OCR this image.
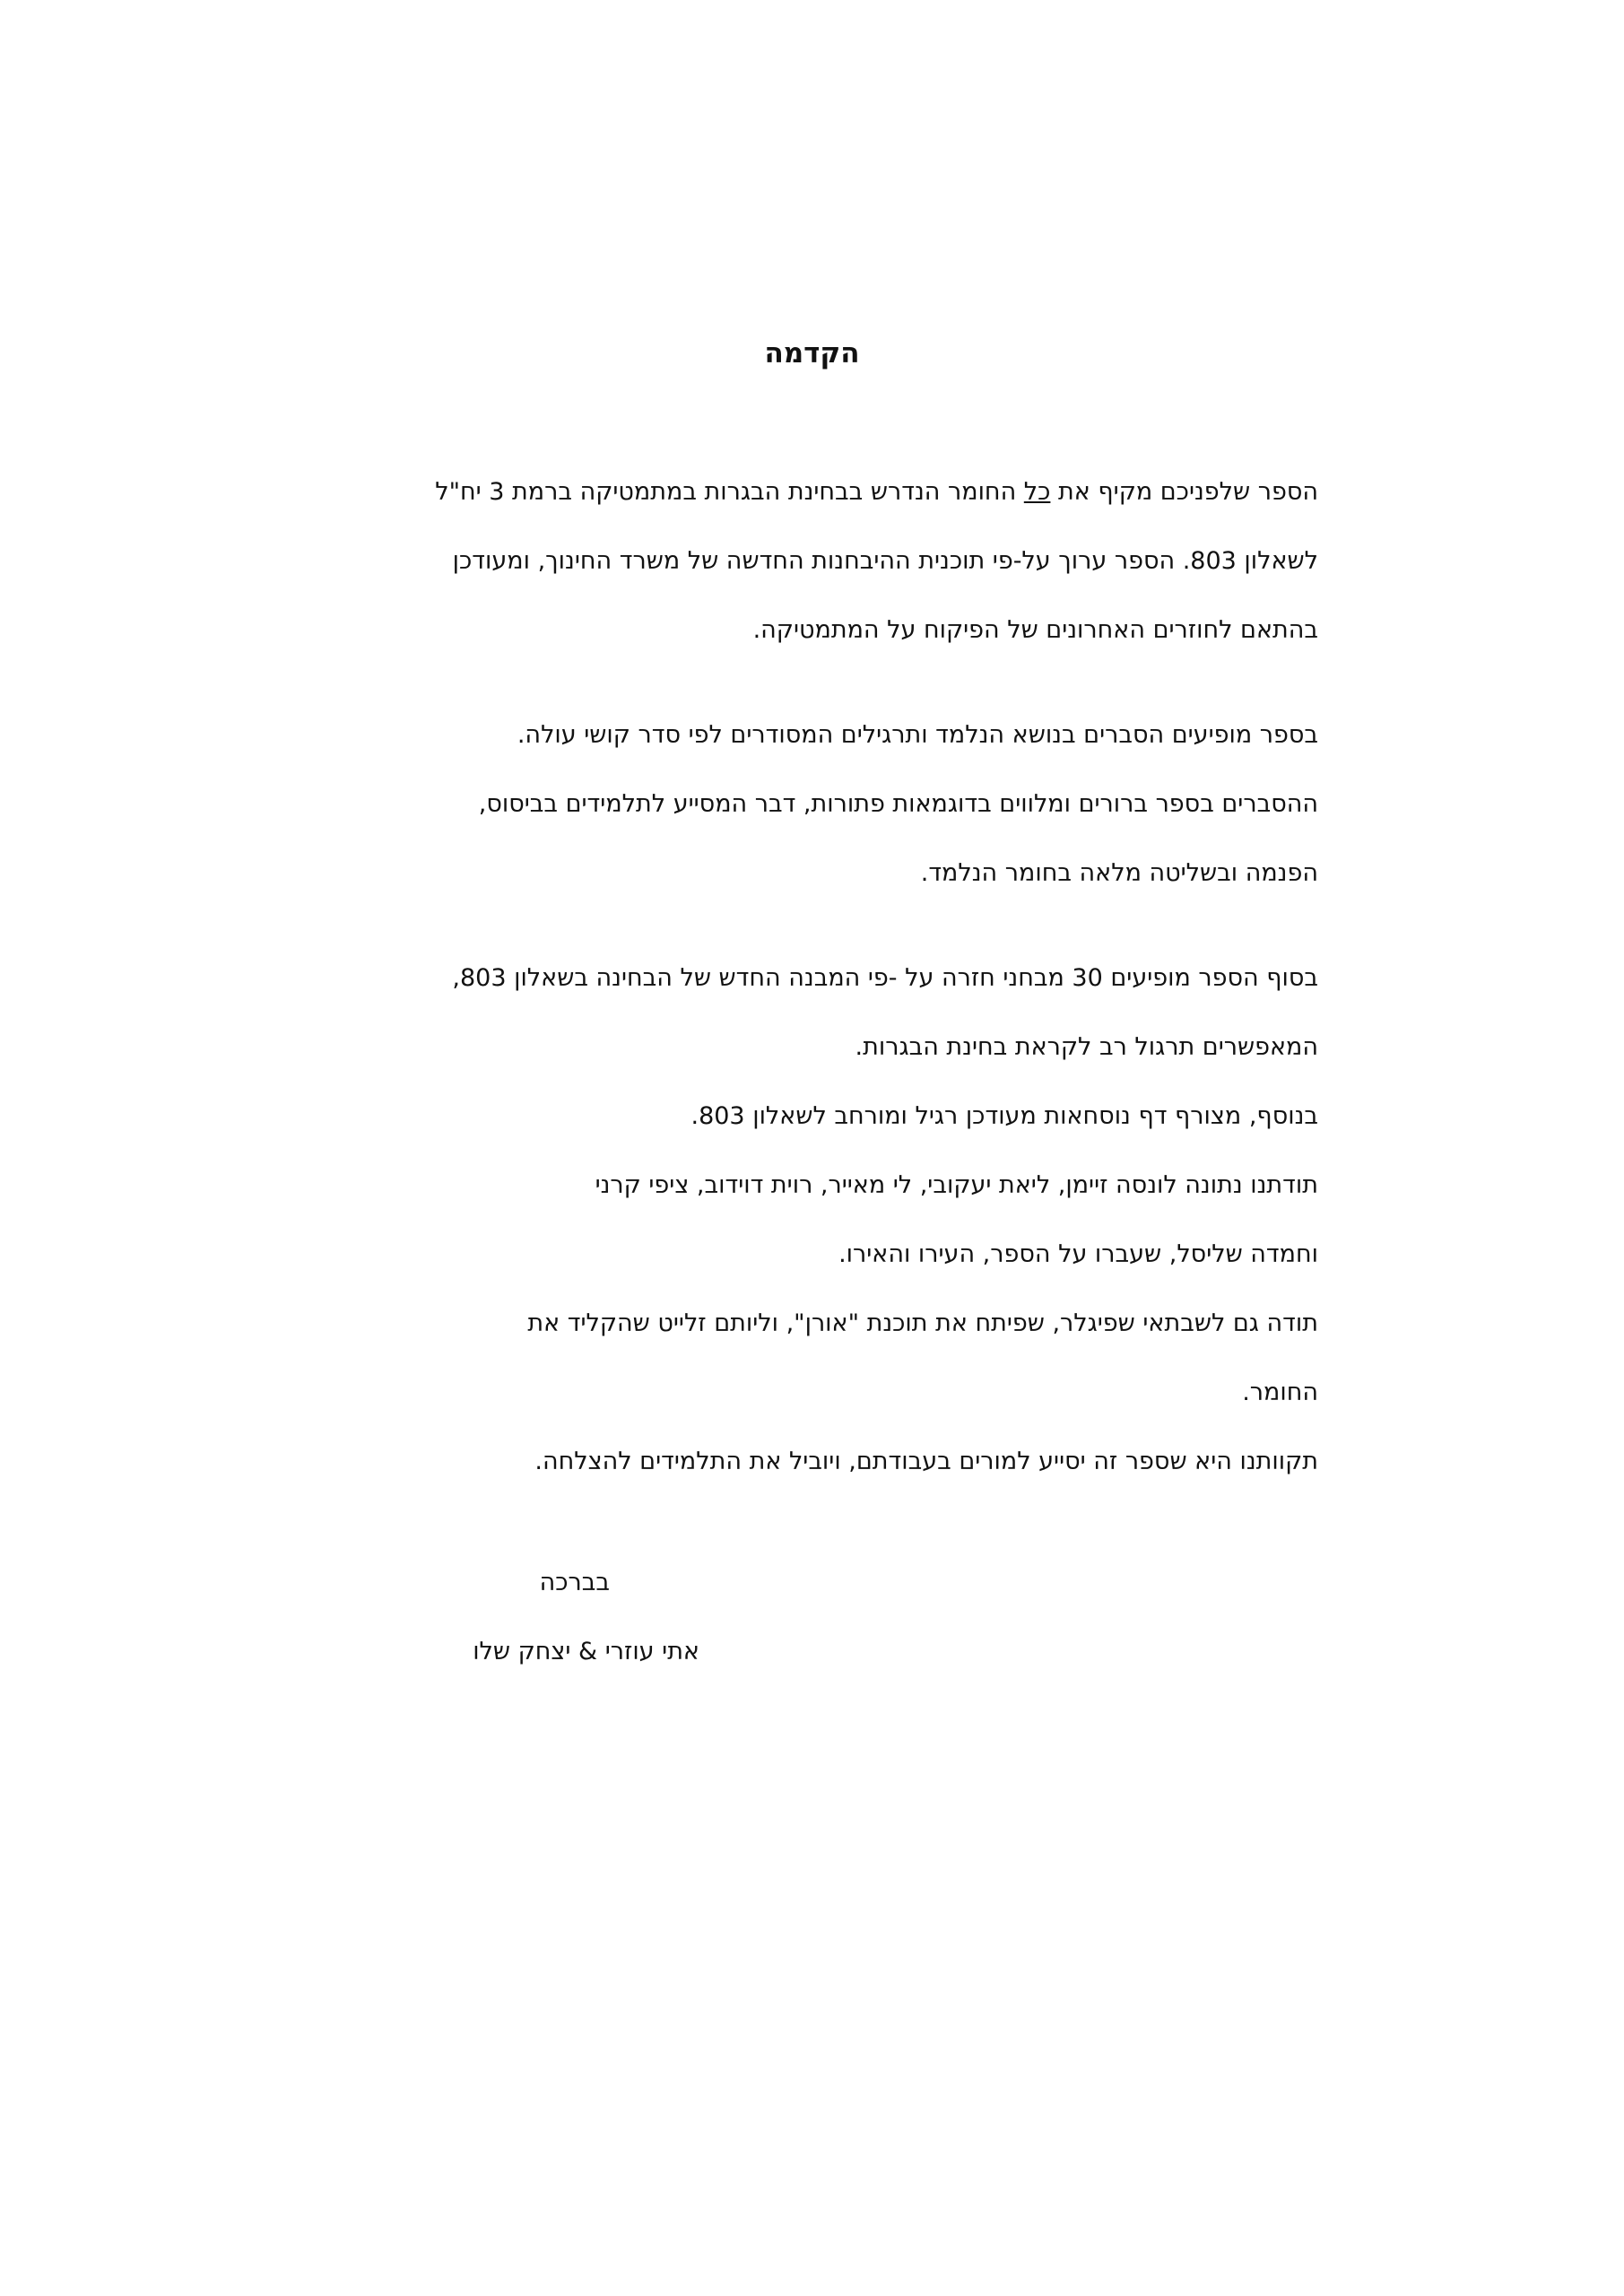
הקדמה
הספר שלפניכם מקיף את כל החומר הנדרש בבחינת הבגרות במתמטיקה ברמת 3 יח"ל
לשאלון 803. הספר ערוך על-פי תוכנית ההיבחנות החדשה של משרד החינוך, ומעודכן
בהתאם לחוזרים האחרונים של הפיקוח על המתמטיקה.
בספר מופיעים הסברים בנושא הנלמד ותרגילים המסודרים לפי סדר קושי עולה.
ההסברים בספר ברורים ומלווים בדוגמאות פתורות, דבר המסייע לתלמידים בביסוס,
הפנמה ובשליטה מלאה בחומר הנלמד.
בסוף הספר מופיעים 30 מבחני חזרה על -פי המבנה החדש של הבחינה בשאלון 803,
המאפשרים תרגול רב לקראת בחינת הבגרות.
בנוסף, מצורף דף נוסחאות מעודכן רגיל ומורחב לשאלון 803.
תודתנו נתונה לונסה זיימן, ליאת יעקובי, לי מאייר, רוית דוידוב, ציפי קרני
וחמדה שליסל, שעברו על הספר, העירו והאירו.
תודה גם לשבתאי שפיגלר, שפיתח את תוכנת "אורן", וליותם זלייט שהקליד את
החומר.
תקוותנו היא שספר זה יסייע למורים בעבודתם, ויוביל את התלמידים להצלחה.
בברכה
אתי עוזרי & יצחק שלו
